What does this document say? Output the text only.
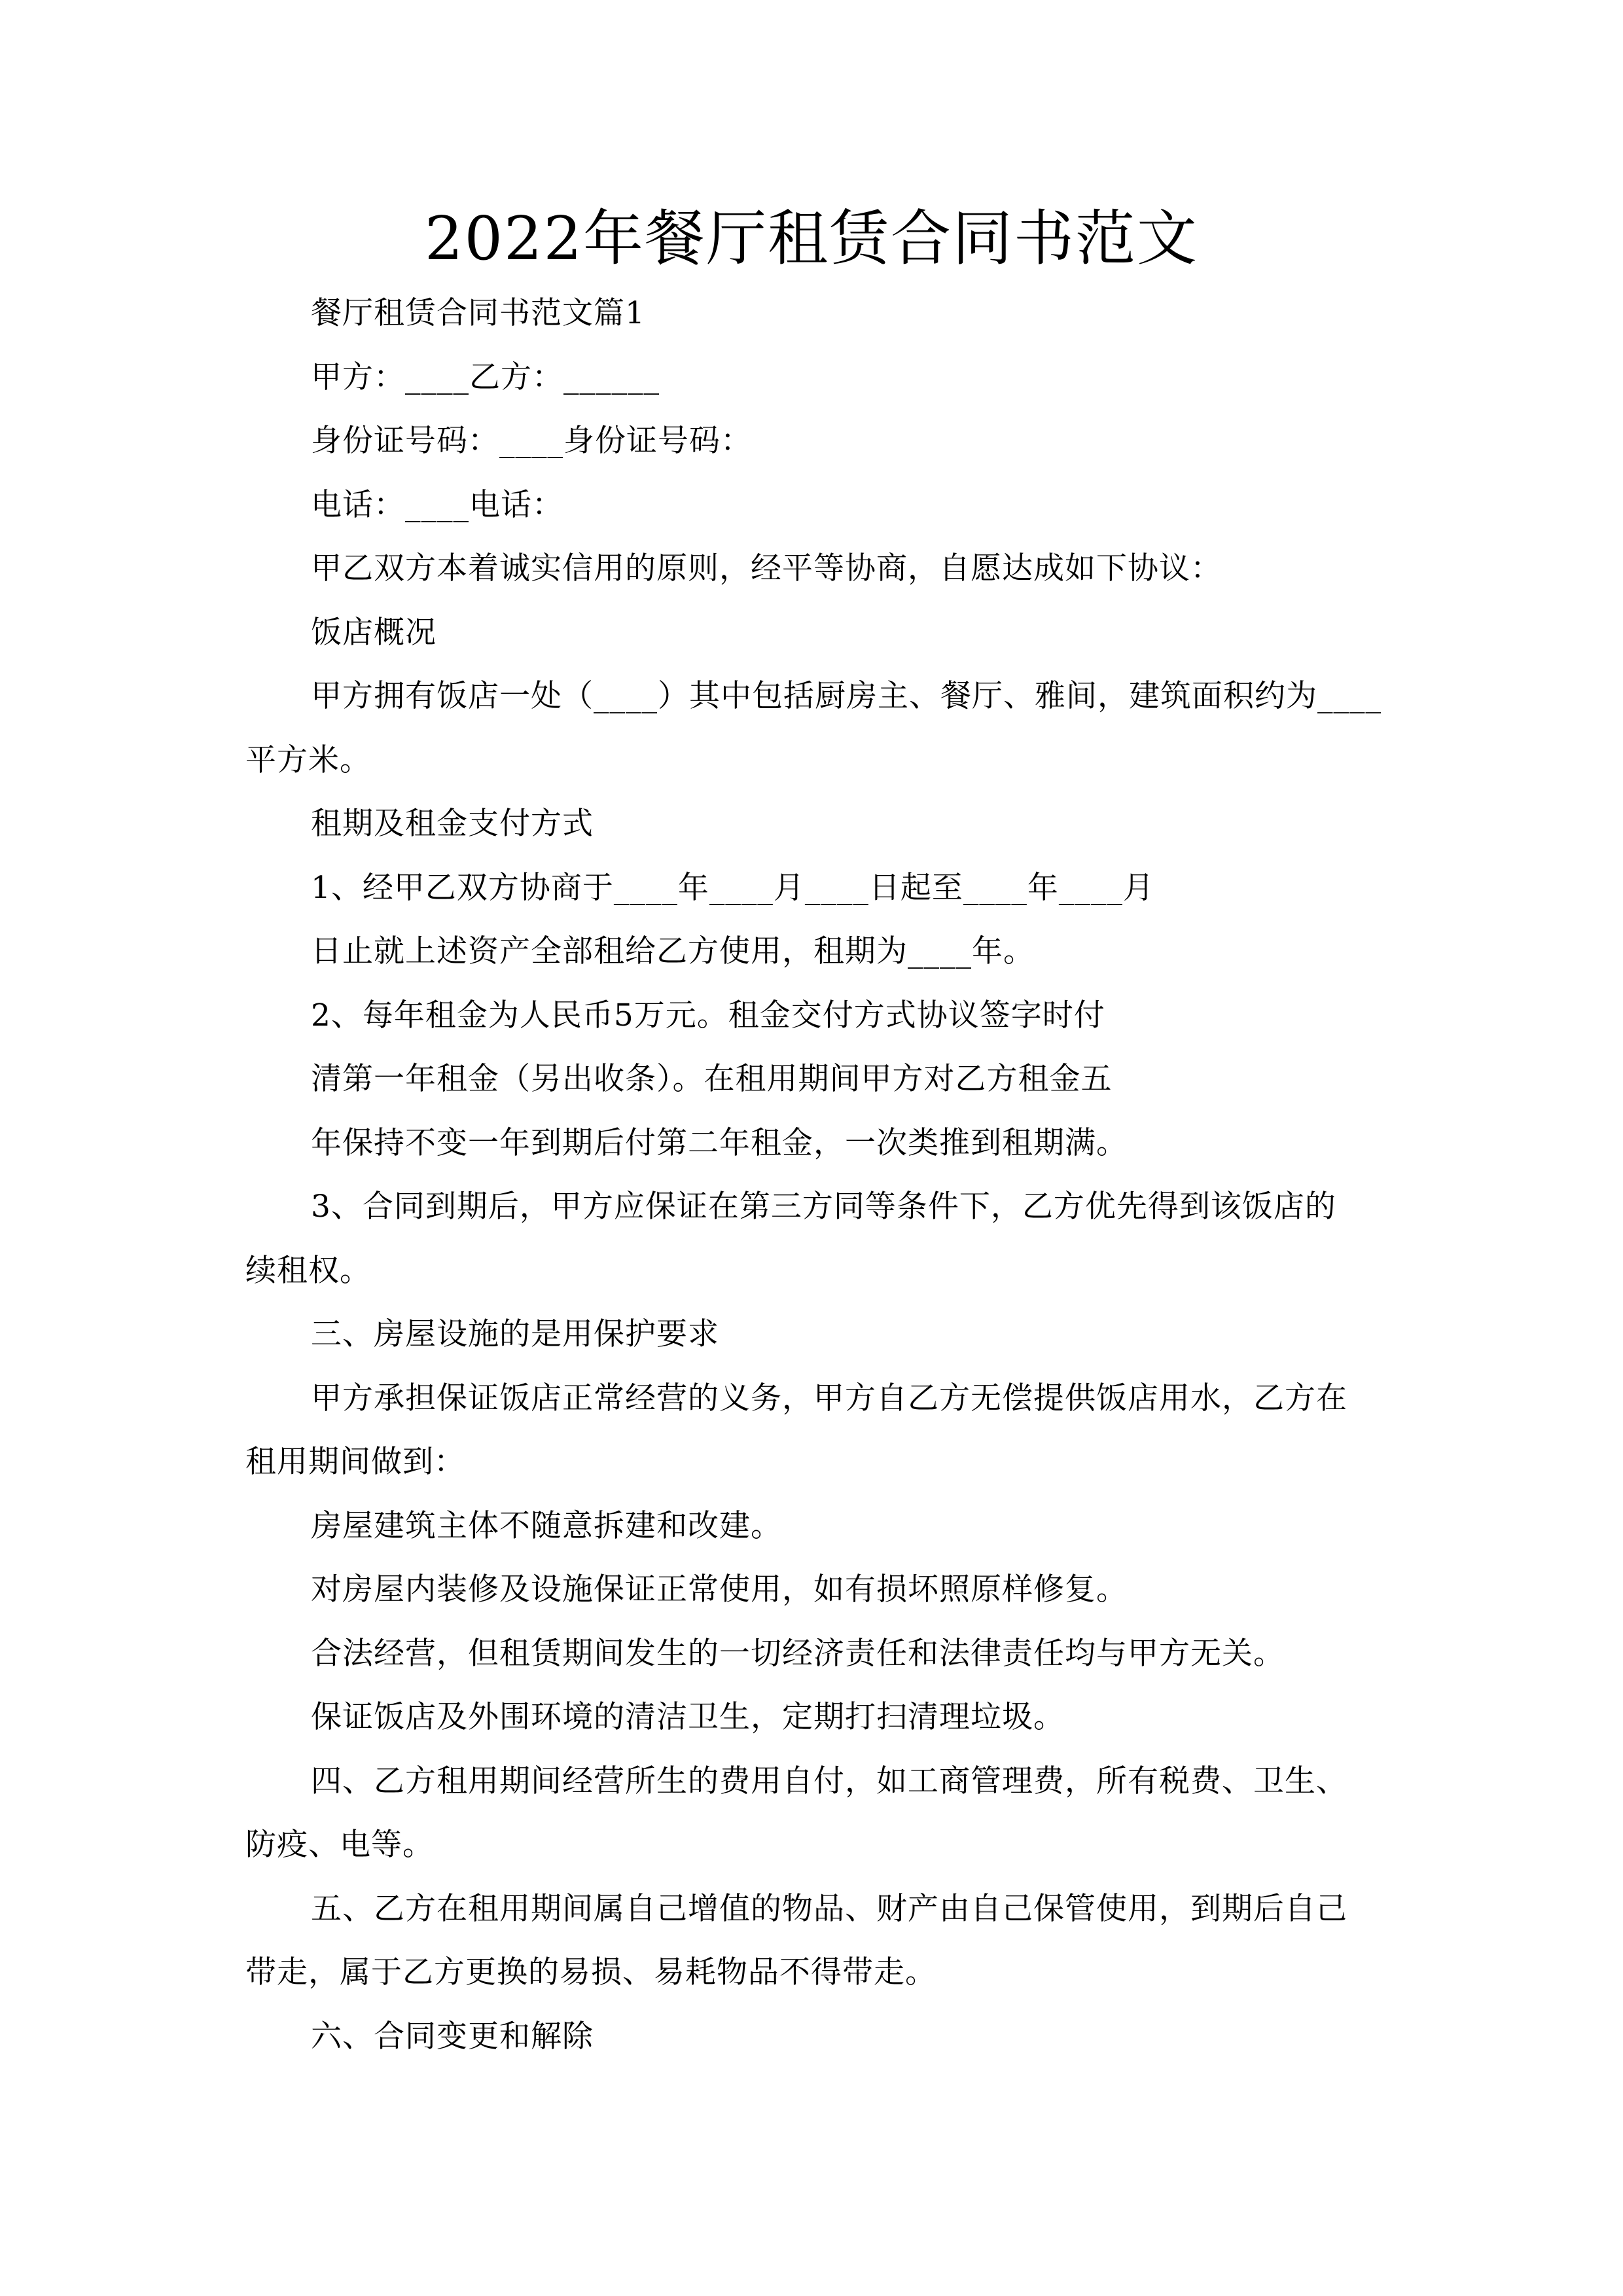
2022年餐厅租赁合同书范文

餐厅租赁合同书范文篇1

甲方：____乙方：______

身份证号码：____身份证号码：

电话：____电话：

甲乙双方本着诚实信用的原则，经平等协商，自愿达成如下协议：

饭店概况

甲方拥有饭店一处（____）其中包括厨房主、餐厅、雅间，建筑面积约为____

平方米。

租期及租金支付方式

1、经甲乙双方协商于____年____月____日起至____年____月

日止就上述资产全部租给乙方使用，租期为____年。

2、每年租金为人民币5万元。租金交付方式协议签字时付

清第一年租金（另出收条）。在租用期间甲方对乙方租金五

年保持不变一年到期后付第二年租金，一次类推到租期满。

3、合同到期后，甲方应保证在第三方同等条件下，乙方优先得到该饭店的

续租权。

三、房屋设施的是用保护要求

甲方承担保证饭店正常经营的义务，甲方自乙方无偿提供饭店用水，乙方在

租用期间做到：

房屋建筑主体不随意拆建和改建。

对房屋内装修及设施保证正常使用，如有损坏照原样修复。

合法经营，但租赁期间发生的一切经济责任和法律责任均与甲方无关。

保证饭店及外围环境的清洁卫生，定期打扫清理垃圾。

四、乙方租用期间经营所生的费用自付，如工商管理费，所有税费、卫生、

防疫、电等。

五、乙方在租用期间属自己增值的物品、财产由自己保管使用，到期后自己

带走，属于乙方更换的易损、易耗物品不得带走。

六、合同变更和解除
